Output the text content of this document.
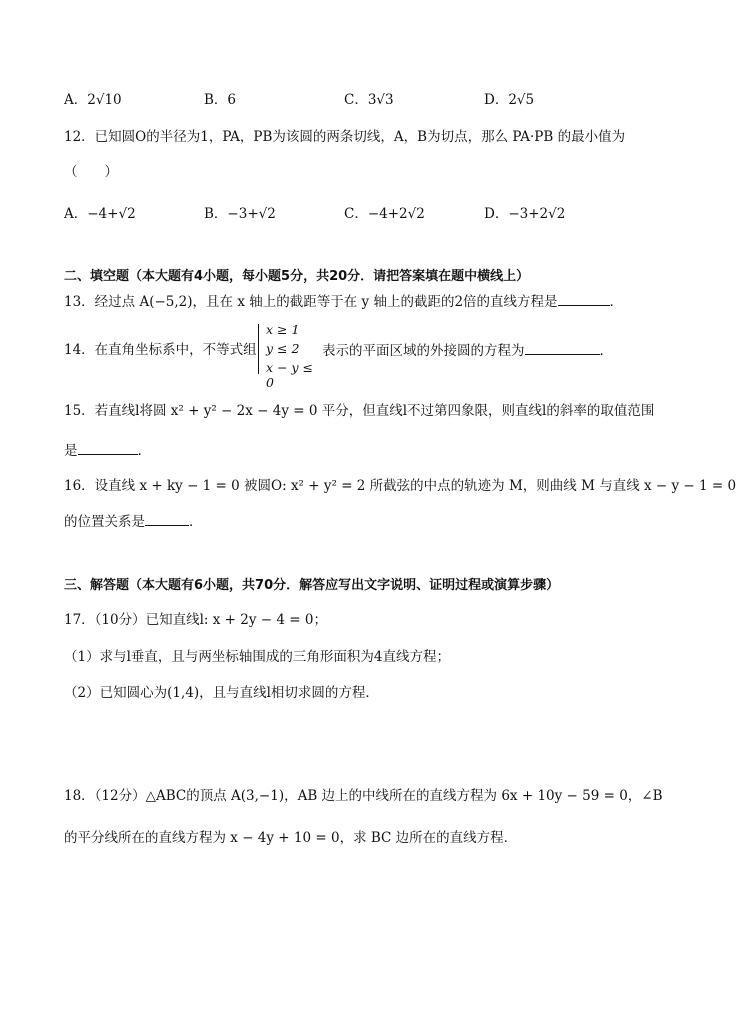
A．2√10	B．6	C．3√3	D．2√5
12．已知圆O的半径为1，PA，PB为该圆的两条切线，A，B为切点，那么 PA·PB 的最小值为
（　　）
A．−4+√2	B．−3+√2	C．−4+2√2	D．−3+2√2
二、填空题（本大题有4小题，每小题5分，共20分．请把答案填在题中横线上）
13．经过点 A(−5,2)，且在 x 轴上的截距等于在 y 轴上的截距的2倍的直线方程是	．
14．在直角坐标系中，不等式组
x ≥ 1
y ≤ 2
x − y ≤ 0
表示的平面区域的外接圆的方程为	．
15．若直线l将圆 x² + y² − 2x − 4y = 0 平分，但直线l不过第四象限，则直线l的斜率的取值范围
是	．
16．设直线 x + ky − 1 = 0 被圆O: x² + y² = 2 所截弦的中点的轨迹为 M，则曲线 M 与直线 x − y − 1 = 0
的位置关系是	．
三、解答题（本大题有6小题，共70分．解答应写出文字说明、证明过程或演算步骤）
17．（10分）已知直线l: x + 2y − 4 = 0；
（1）求与l垂直，且与两坐标轴围成的三角形面积为4直线方程；
（2）已知圆心为(1,4)，且与直线l相切求圆的方程．
18．（12分）△ABC的顶点 A(3,−1)，AB 边上的中线所在的直线方程为 6x + 10y − 59 = 0，∠B
的平分线所在的直线方程为 x − 4y + 10 = 0，求 BC 边所在的直线方程．
